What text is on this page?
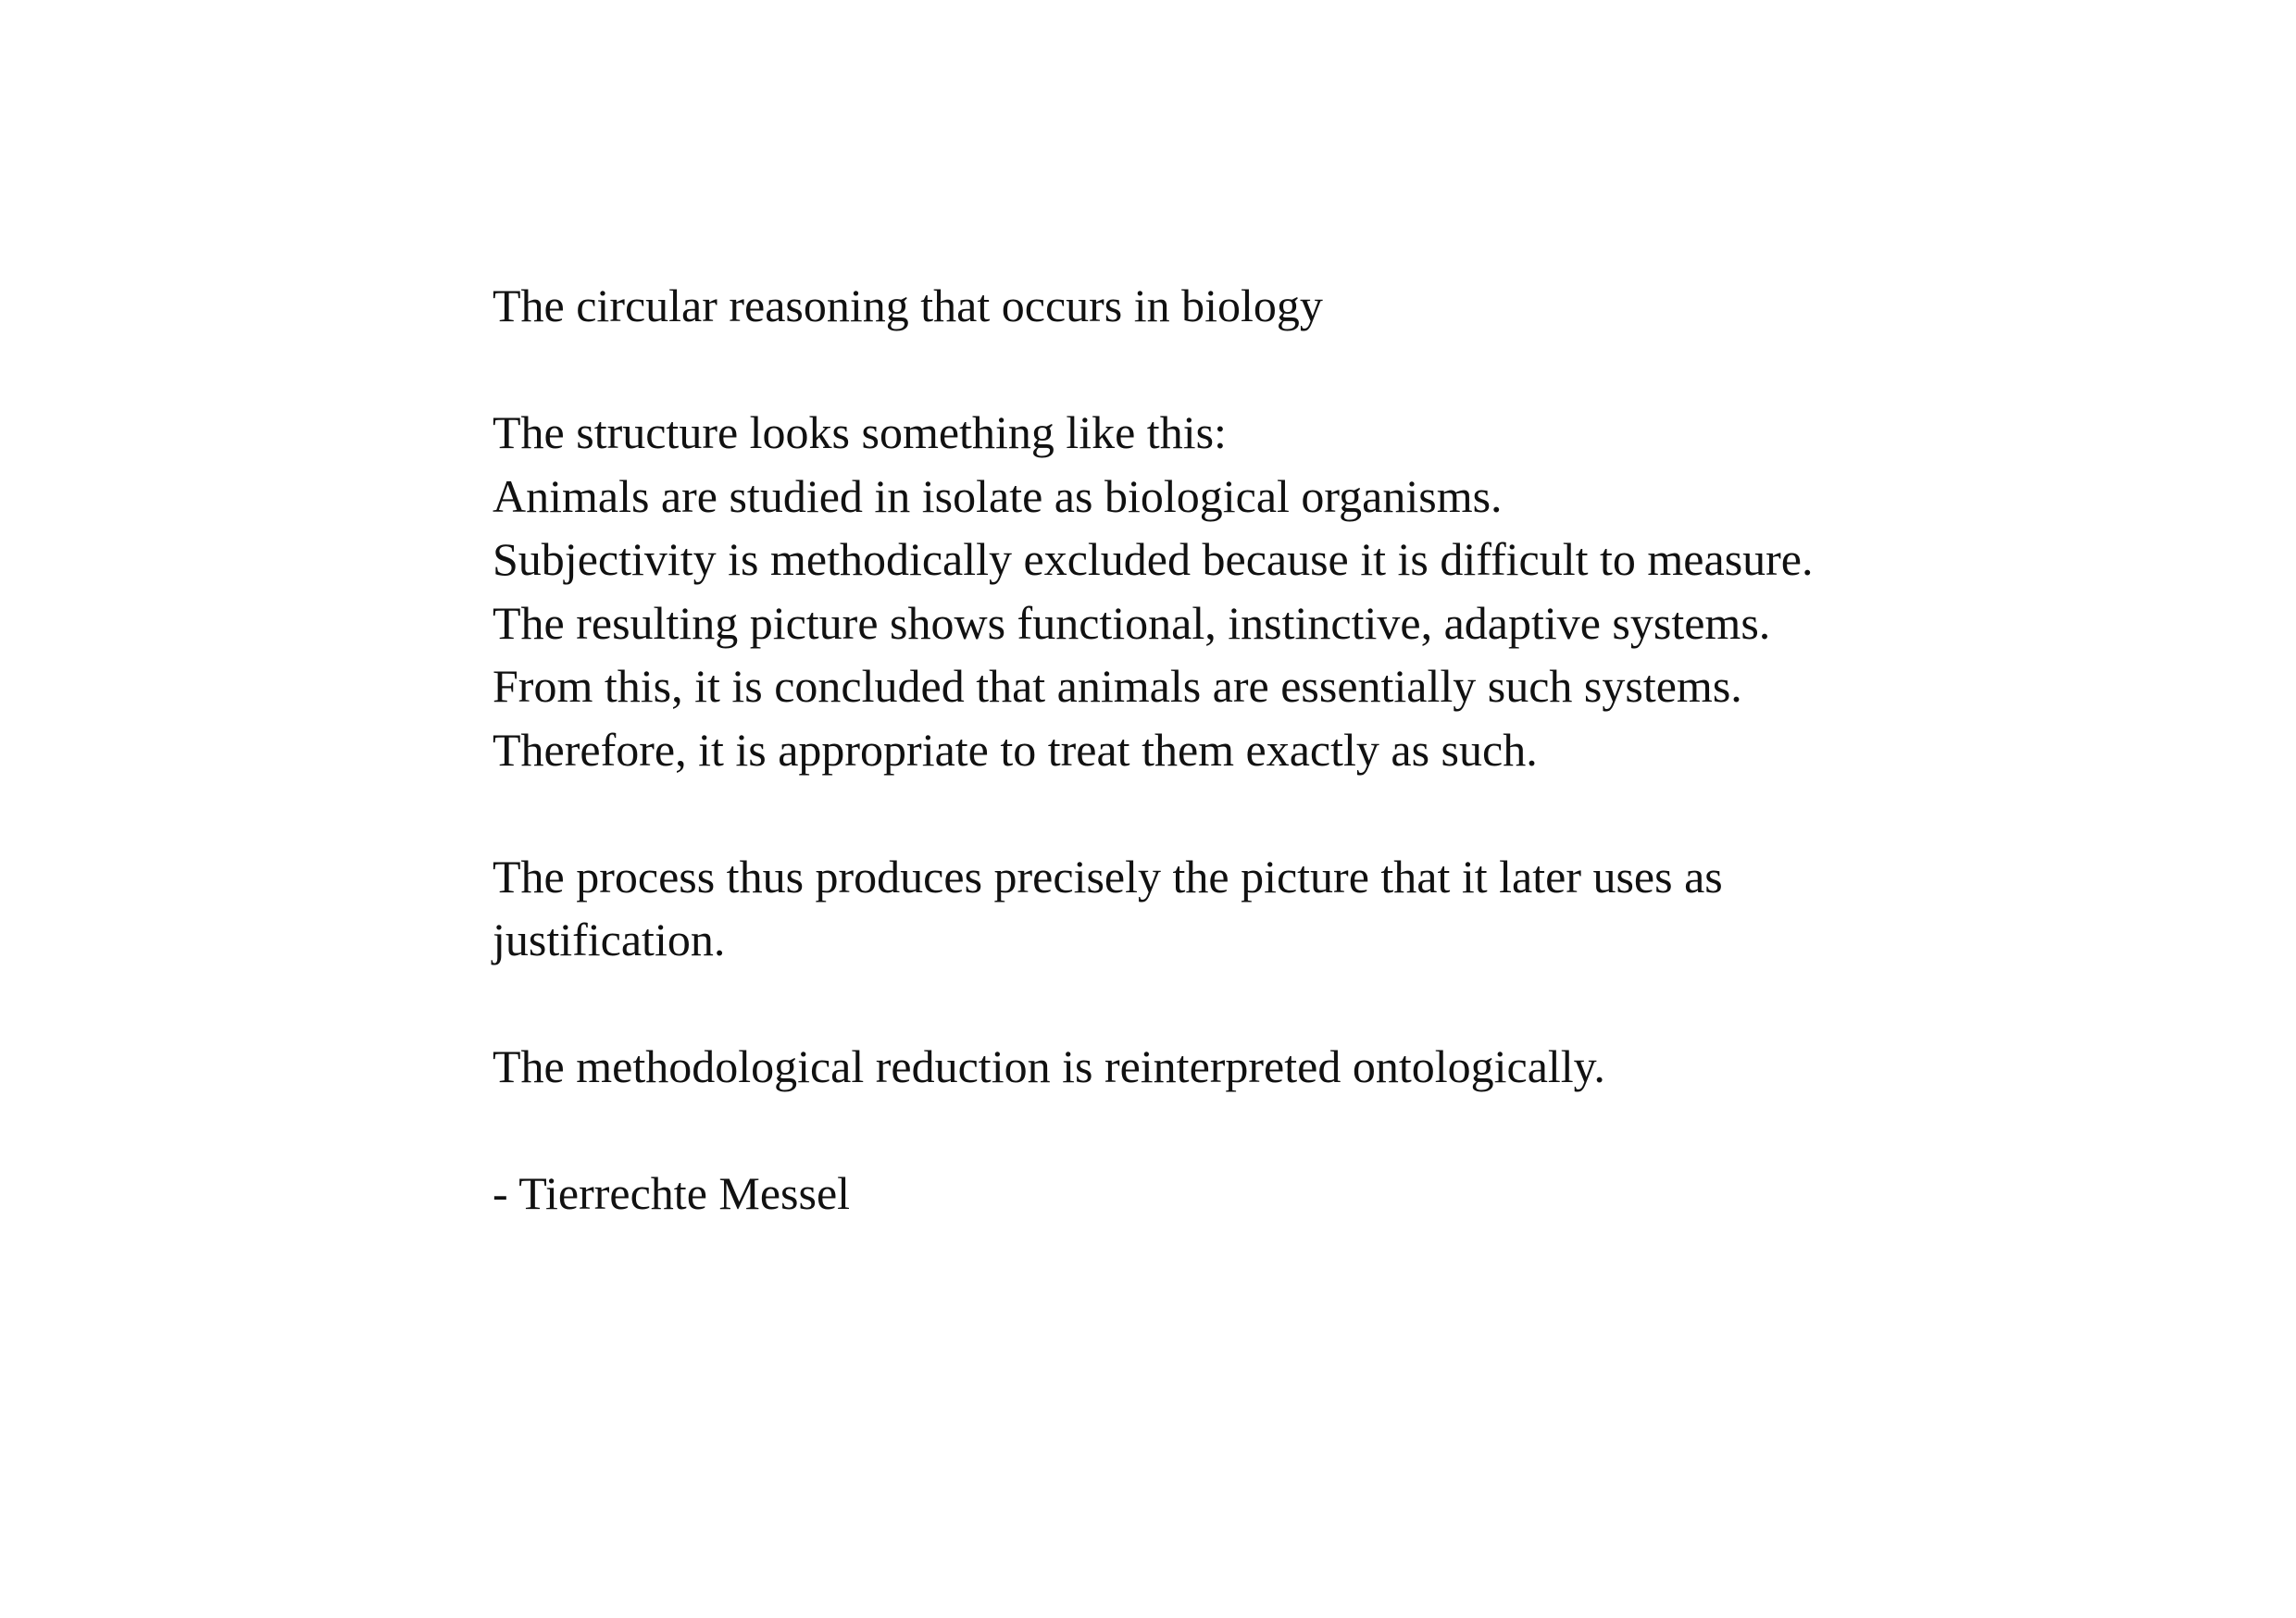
The circular reasoning that occurs in biology

The structure looks something like this:

Animals are studied in isolate as biological organisms.

Subjectivity is methodically excluded because it is difficult to measure.

The resulting picture shows functional, instinctive, adaptive systems.

From this, it is concluded that animals are essentially such systems.

Therefore, it is appropriate to treat them exactly as such.

The process thus produces precisely the picture that it later uses as justification.

The methodological reduction is reinterpreted ontologically.

- Tierrechte Messel
